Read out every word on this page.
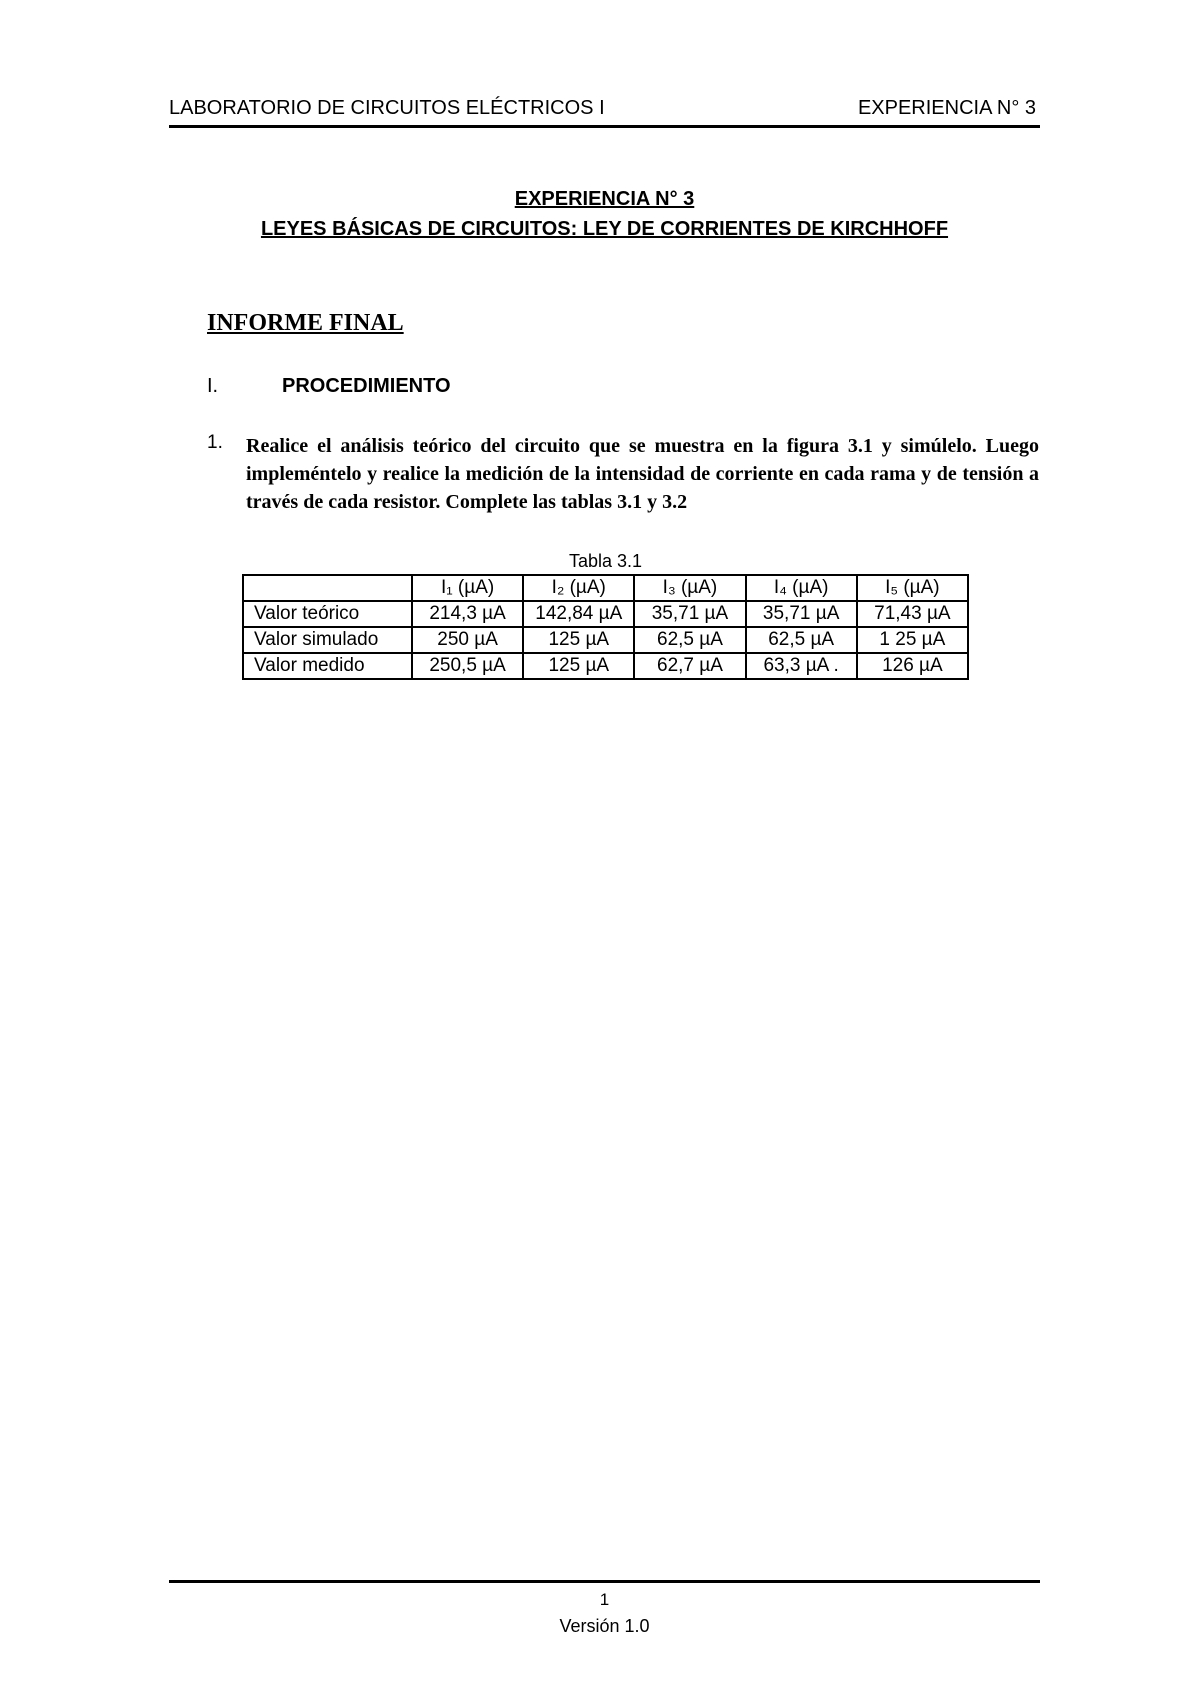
LABORATORIO DE CIRCUITOS ELÉCTRICOS I	EXPERIENCIA N° 3
EXPERIENCIA N° 3
LEYES BÁSICAS DE CIRCUITOS: LEY DE CORRIENTES DE KIRCHHOFF
INFORME FINAL
I.	PROCEDIMIENTO
1. Realice el análisis teórico del circuito que se muestra en la figura 3.1 y simúlelo. Luego impleméntelo y realice la medición de la intensidad de corriente en cada rama y de tensión a través de cada resistor. Complete las tablas 3.1 y 3.2
Tabla 3.1
	I₁ (µA)	I₂ (µA)	I₃ (µA)	I₄ (µA)	I₅ (µA)
Valor teórico	214,3 µA	142,84 µA	35,71 µA	35,71 µA	71,43 µA
Valor simulado	250 µA	125 µA	62,5 µA	62,5 µA	1 25 µA
Valor medido	250,5 µA	125 µA	62,7 µA	63,3 µA .	126 µA
1
Versión 1.0
